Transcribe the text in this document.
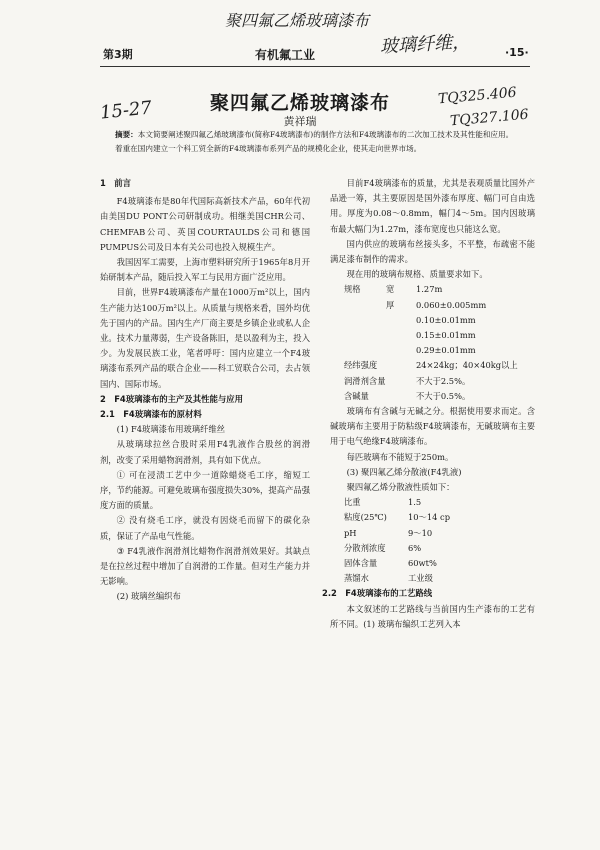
聚四氟乙烯玻璃漆布
玻璃纤维，
15-27
TQ325.406
TQ327.106
第3期	有机氟工业	·15·
聚四氟乙烯玻璃漆布
黄祥瑞
摘要：本文简要阐述聚四氟乙烯玻璃漆布(简称F4玻璃漆布)的制作方法和F4玻璃漆布的二次加工技术及其性能和应用。着重在国内建立一个科工贸全新的F4玻璃漆布系列产品的规模化企业，使其走向世界市场。
1　前言

F4玻璃漆布是80年代国际高新技术产品，60年代初由美国DU PONT公司研制成功。相继美国CHR公司、CHEMFAB公司、英国COURTAULDS公司和德国PUMPUS公司及日本有关公司也投入规模生产。

我国因军工需要，上海市塑料研究所于1965年8月开始研制本产品，随后投入军工与民用方面广泛应用。

目前，世界F4玻璃漆布产量在1000万m²以上，国内生产能力达100万m²以上。从质量与规格来看，国外均优先于国内的产品。国内生产厂商主要是乡镇企业或私人企业。技术力量薄弱，生产设备陈旧，是以盈利为主，投入少。为发展民族工业，笔者呼吁：国内应建立一个F4玻璃漆布系列产品的联合企业——科工贸联合公司，去占领国内、国际市场。

2　F4玻璃漆布的主产及其性能与应用
2.1　F4玻璃漆布的原材料
(1) F4玻璃漆布用玻璃纤维丝

从玻璃球拉丝合股时采用F4乳液作合股丝的润滑剂，改变了采用蜡物润滑剂，具有如下优点。

① 可在浸渍工艺中少一道除蜡烧毛工序，缩短工序，节约能源。可避免玻璃布强度损失30%，提高产品强度方面的质量。

② 没有烧毛工序，就没有因烧毛而留下的碳化杂质，保证了产品电气性能。

③ F4乳液作润滑剂比蜡物作润滑剂效果好。其缺点是在拉丝过程中增加了自润滑的工作量。但对生产能力并无影响。

(2) 玻璃丝编织布

目前F4玻璃漆布的质量，尤其是表观质量比国外产品逊一筹，其主要原因是国外漆布厚度、幅门可自由选用。厚度为0.08～0.8mm，幅门4～5m。国内因玻璃布最大幅门为1.27m，漆布宽度也只能这么宽。

国内供应的玻璃布丝接头多，不平整，布疏密不能满足漆布制作的需求。

现在用的玻璃布规格、质量要求如下。

规格	宽	1.27m
厚	0.060±0.005mm
0.10±0.01mm
0.15±0.01mm
0.29±0.01mm
经纬强度	24×24kg；40×40kg以上
润滑剂含量	不大于2.5%。
含碱量	不大于0.5%。

玻璃布有含碱与无碱之分。根据使用要求而定。含碱玻璃布主要用于防粘级F4玻璃漆布，无碱玻璃布主要用于电气绝缘F4玻璃漆布。

每匹玻璃布不能短于250m。

(3) 聚四氟乙烯分散液(F4乳液)

聚四氟乙烯分散液性质如下：

比重	1.5
粘度(25℃)	10～14 cp
pH	9～10
分散剂浓度	6%
固体含量	60wt%
蒸馏水	工业级
2.2　F4玻璃漆布的工艺路线

本文叙述的工艺路线与当前国内生产漆布的工艺有所不同。(1) 玻璃布编织工艺列入本
